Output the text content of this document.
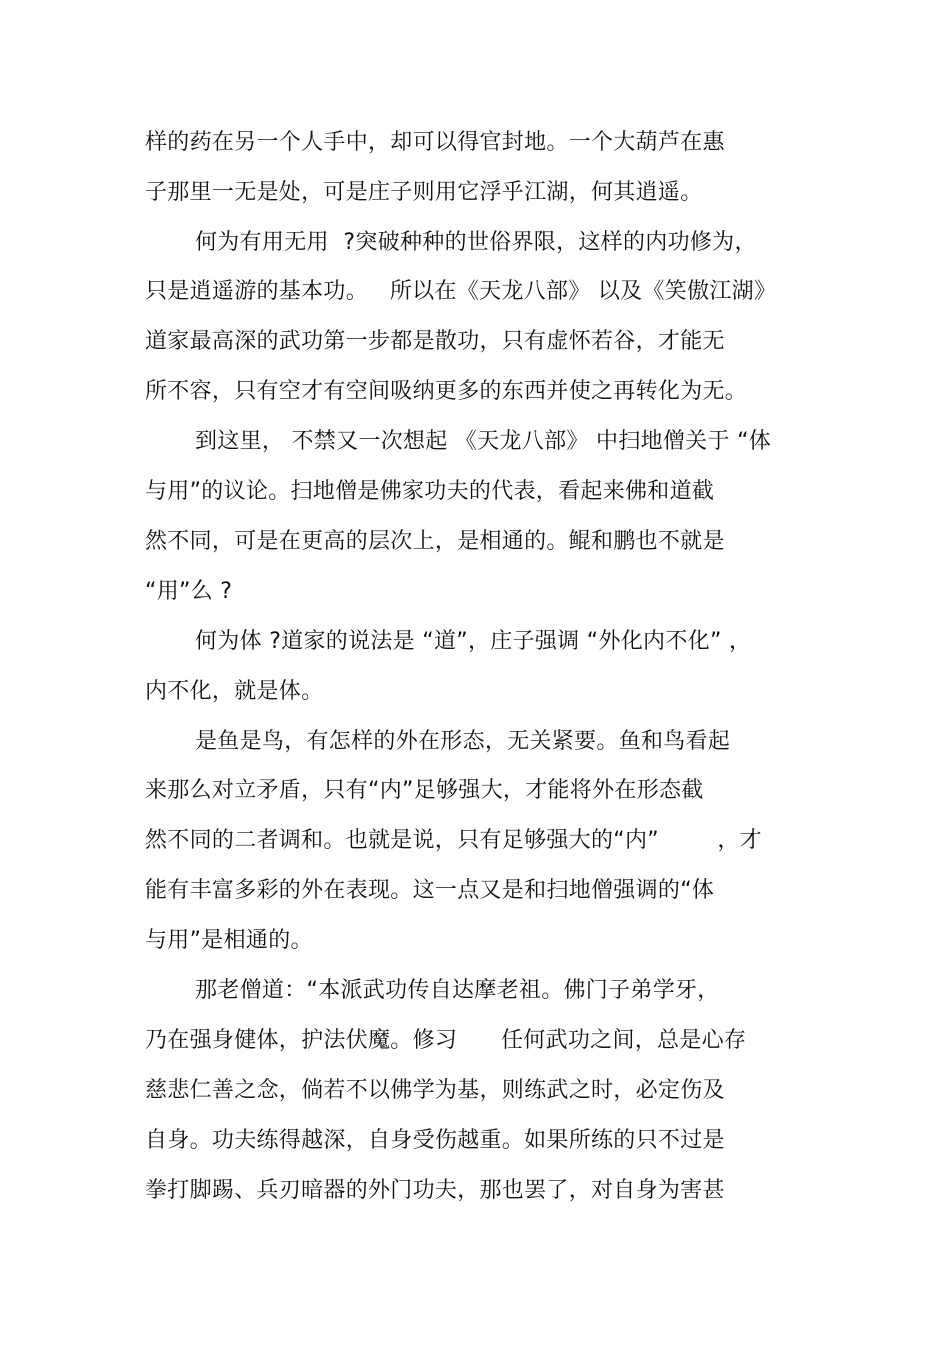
样的药在另一个人手中，却可以得官封地。一个大葫芦在惠
子那里一无是处，可是庄子则用它浮乎江湖，何其逍遥。
何为有用无用  ?突破种种的世俗界限，这样的内功修为，
只是逍遥游的基本功。   所以在《天龙八部》 以及《笑傲江湖》
道家最高深的武功第一步都是散功，只有虚怀若谷，才能无
所不容，只有空才有空间吸纳更多的东西并使之再转化为无。
到这里， 不禁又一次想起 《天龙八部》 中扫地僧关于 “体
与用”的议论。扫地僧是佛家功夫的代表，看起来佛和道截
然不同，可是在更高的层次上，是相通的。鲲和鹏也不就是
“用”么 ?
何为体 ?道家的说法是 “道”，庄子强调 “外化内不化” ，
内不化，就是体。
是鱼是鸟，有怎样的外在形态，无关紧要。鱼和鸟看起
来那么对立矛盾，只有“内”足够强大，才能将外在形态截
然不同的二者调和。也就是说，只有足够强大的“内”        ，才
能有丰富多彩的外在表现。这一点又是和扫地僧强调的“体
与用”是相通的。
那老僧道：“本派武功传自达摩老祖。佛门子弟学牙，
乃在强身健体，护法伏魔。修习      任何武功之间，总是心存
慈悲仁善之念，倘若不以佛学为基，则练武之时，必定伤及
自身。功夫练得越深，自身受伤越重。如果所练的只不过是
拳打脚踢、兵刃暗器的外门功夫，那也罢了，对自身为害甚
